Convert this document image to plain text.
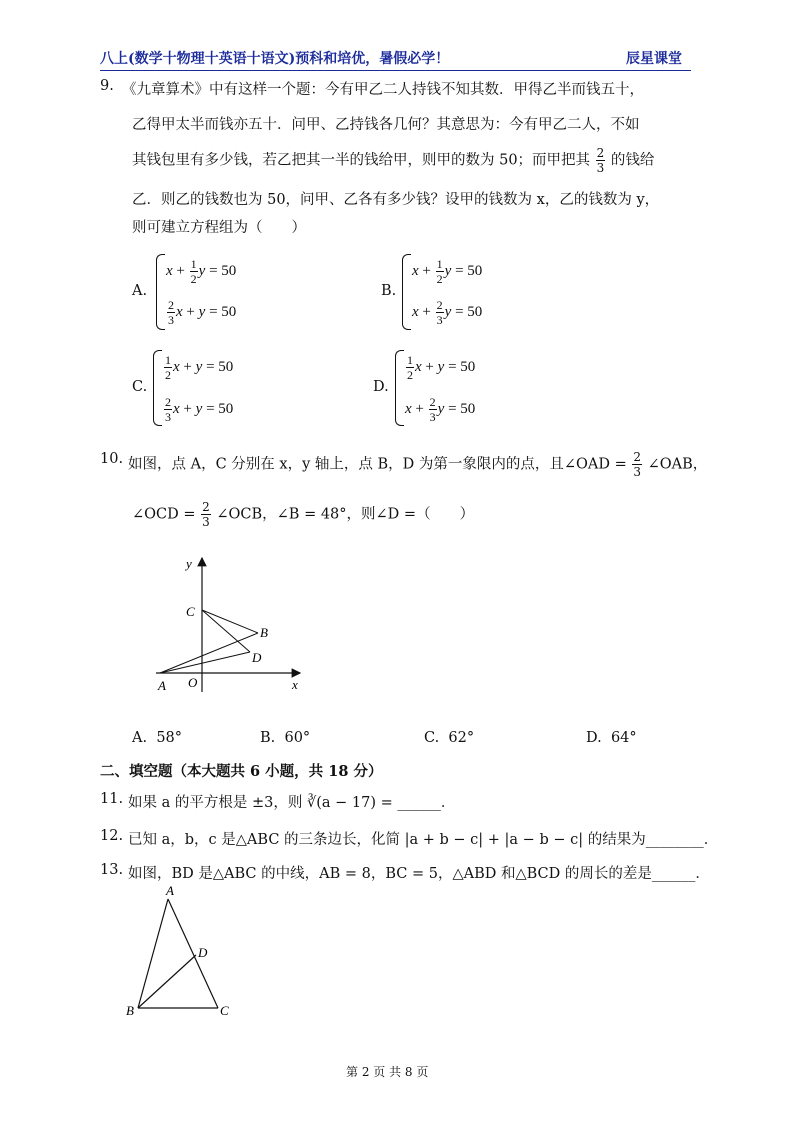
八上(数学十物理十英语十语文)预科和培优，暑假必学！	辰星课堂
9. 《九章算术》中有这样一个题：今有甲乙二人持钱不知其数．甲得乙半而钱五十，
乙得甲太半而钱亦五十．问甲、乙持钱各几何？其意思为：今有甲乙二人，不如
其钱包里有多少钱，若乙把其一半的钱给甲，则甲的数为 50；而甲把其 $\frac{2}{3}$ 的钱给
乙．则乙的钱数也为 50，问甲、乙各有多少钱？设甲的钱数为 x，乙的钱数为 y，
则可建立方程组为（　　）
A.
$x + \frac{1}{2}$ y = 50
$\frac{2}{3}$ x + y = 50
B.
$x + \frac{1}{2}$ y = 50
$x + \frac{2}{3}$ y = 50
C.
$\frac{1}{2}$ x + y = 50
$\frac{2}{3}$ x + y = 50
D.
$\frac{1}{2}$ x + y = 50
$x + \frac{2}{3}$ y = 50
10. 如图，点 A，C 分别在 x，y 轴上，点 B，D 为第一象限内的点，且∠OAD = $\frac{2}{3}$ ∠OAB，
∠OCD = $\frac{2}{3}$ ∠OCB，∠B = 48°，则∠D =（　　）
y
C
B
D
A O	x
A. 58°	B. 60°	C. 62°	D. 64°
二、填空题（本大题共 6 小题，共 18 分）
11. 如果 a 的平方根是 ±3，则 ∛(a − 17) = ______．
12. 已知 a，b，c 是△ABC 的三条边长，化简 |a + b − c| + |a − b − c| 的结果为________．
13. 如图，BD 是△ABC 的中线，AB = 8，BC = 5，△ABD 和△BCD 的周长的差是______．
A
D
B	C
第 2 页 共 8 页
